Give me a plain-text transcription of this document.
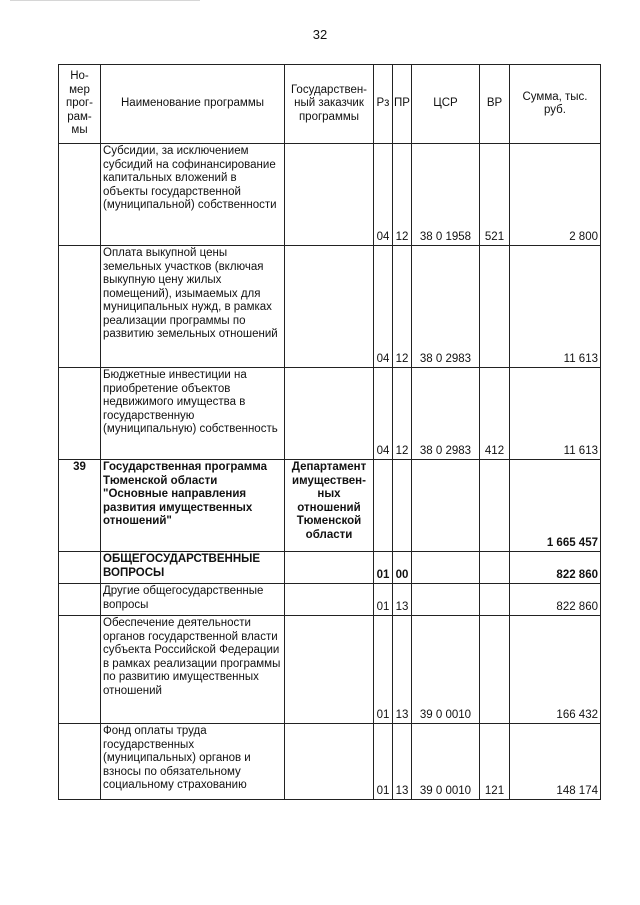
32
Но-мер прог-рам-мы	Наименование программы	Государствен-ный заказчик программы	Рз	ПР	ЦСР	ВР	Сумма, тыс. руб.
	Субсидии, за исключением субсидий на софинансирование капитальных вложений в объекты государственной (муниципальной) собственности		04	12	38 0 1958	521	2 800
	Оплата выкупной цены земельных участков (включая выкупную цену жилых помещений), изымаемых для муниципальных нужд, в рамках реализации программы по развитию земельных отношений		04	12	38 0 2983		11 613
	Бюджетные инвестиции на приобретение объектов недвижимого имущества в государственную (муниципальную) собственность		04	12	38 0 2983	412	11 613
39	Государственная программа Тюменской области "Основные направления развития имущественных отношений"	Департамент имуществен-ных отношений Тюменской области					1 665 457
	ОБЩЕГОСУДАРСТВЕННЫЕ ВОПРОСЫ		01	00			822 860
	Другие общегосударственные вопросы		01	13			822 860
	Обеспечение деятельности органов государственной власти субъекта Российской Федерации в рамках реализации программы по развитию имущественных отношений		01	13	39 0 0010		166 432
	Фонд оплаты труда государственных (муниципальных) органов и взносы по обязательному социальному страхованию		01	13	39 0 0010	121	148 174
